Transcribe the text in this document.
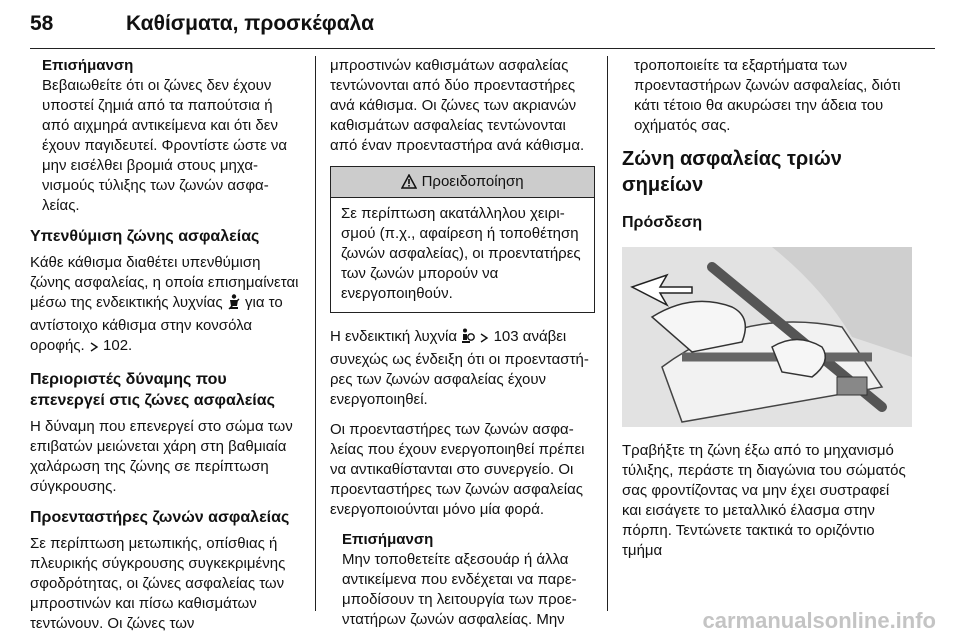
58	Καθίσματα, προσκέφαλα

Επισήμανση

Βεβαιωθείτε ότι οι ζώνες δεν έχουν υποστεί ζημιά από τα παπούτσια ή από αιχμηρά αντικείμενα και ότι δεν έχουν παγιδευτεί. Φροντίστε ώστε να μην εισέλθει βρομιά στους μηχανισμούς τύλιξης των ζωνών ασφαλείας.

Υπενθύμιση ζώνης ασφαλείας

Κάθε κάθισμα διαθέτει υπενθύμιση ζώνης ασφαλείας, η οποία επισημαίνεται μέσω της ενδεικτικής λυχνίας για το αντίστοιχο κάθισμα στην κονσόλα οροφής. 102.

Περιοριστές δύναμης που επενεργεί στις ζώνες ασφαλείας

Η δύναμη που επενεργεί στο σώμα των επιβατών μειώνεται χάρη στη βαθμιαία χαλάρωση της ζώνης σε περίπτωση σύγκρουσης.

Προενταστήρες ζωνών ασφαλείας

Σε περίπτωση μετωπικής, οπίσθιας ή πλευρικής σύγκρουσης συγκεκριμένης σφοδρότητας, οι ζώνες ασφαλείας των μπροστινών και πίσω καθισμάτων τεντώνουν. Οι ζώνες των

μπροστινών καθισμάτων ασφαλείας τεντώνονται από δύο προενταστήρες ανά κάθισμα. Οι ζώνες των ακριανών καθισμάτων ασφαλείας τεντώνονται από έναν προενταστήρα ανά κάθισμα.

Προειδοποίηση

Σε περίπτωση ακατάλληλου χειρισμού (π.χ., αφαίρεση ή τοποθέτηση ζωνών ασφαλείας), οι προεντατήρες των ζωνών μπορούν να ενεργοποιηθούν.

Η ενδεικτική λυχνία 103 ανάβει συνεχώς ως ένδειξη ότι οι προενταστήρες των ζωνών ασφαλείας έχουν ενεργοποιηθεί.

Οι προενταστήρες των ζωνών ασφαλείας που έχουν ενεργοποιηθεί πρέπει να αντικαθίστανται στο συνεργείο. Οι προενταστήρες των ζωνών ασφαλείας ενεργοποιούνται μόνο μία φορά.

Επισήμανση

Μην τοποθετείτε αξεσουάρ ή άλλα αντικείμενα που ενδέχεται να παρεμποδίσουν τη λειτουργία των προεντατήρων ζωνών ασφαλείας. Μην

τροποποιείτε τα εξαρτήματα των προενταστήρων ζωνών ασφαλείας, διότι κάτι τέτοιο θα ακυρώσει την άδεια του οχήματός σας.

Ζώνη ασφαλείας τριών σημείων

Πρόσδεση

Τραβήξτε τη ζώνη έξω από το μηχανισμό τύλιξης, περάστε τη διαγώνια του σώματός σας φροντίζοντας να μην έχει συστραφεί και εισάγετε το μεταλλικό έλασμα στην πόρπη. Τεντώνετε τακτικά το οριζόντιο τμήμα

carmanualsonline.info
